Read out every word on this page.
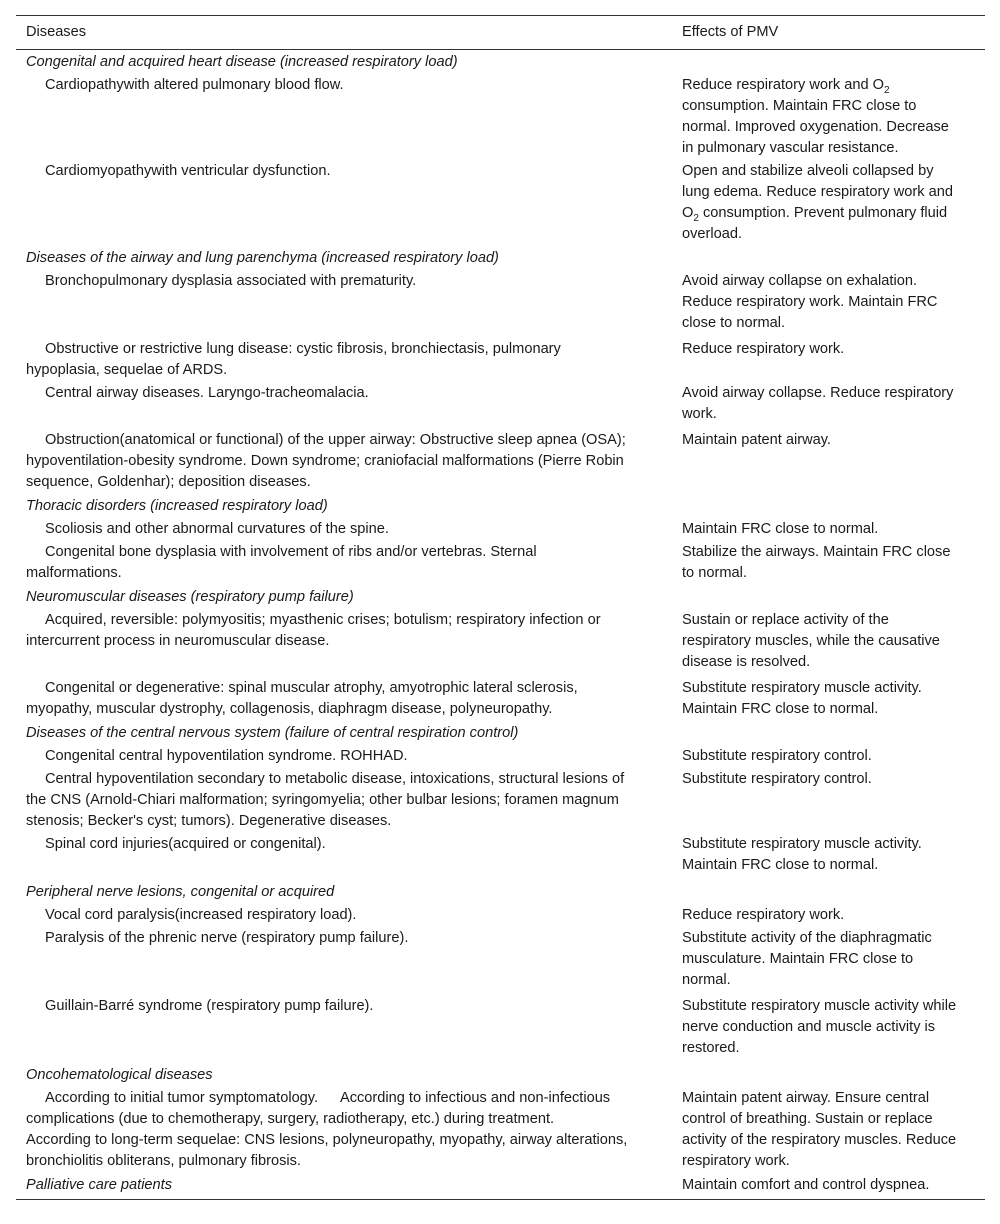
Diseases	Effects of PMV
Congenital and acquired heart disease (increased respiratory load)	
Cardiopathywith altered pulmonary blood flow.	Reduce respiratory work and $O_2$ consumption. Maintain FRC close to normal. Improved oxygenation. Decrease in pulmonary vascular resistance.
Cardiomyopathywith ventricular dysfunction.	Open and stabilize alveoli collapsed by lung edema. Reduce respiratory work and $O_2$ consumption. Prevent pulmonary fluid overload.
Diseases of the airway and lung parenchyma (increased respiratory load)	
Bronchopulmonary dysplasia associated with prematurity.	Avoid airway collapse on exhalation. Reduce respiratory work. Maintain FRC close to normal.
Obstructive or restrictive lung disease: cystic fibrosis, bronchiectasis, pulmonary hypoplasia, sequelae of ARDS.	Reduce respiratory work.
Central airway diseases. Laryngo-tracheomalacia.	Avoid airway collapse. Reduce respiratory work.
Obstruction(anatomical or functional) of the upper airway: Obstructive sleep apnea (OSA); hypoventilation-obesity syndrome. Down syndrome; craniofacial malformations (Pierre Robin sequence, Goldenhar); deposition diseases.	Maintain patent airway.
Thoracic disorders (increased respiratory load)	
Scoliosis and other abnormal curvatures of the spine.	Maintain FRC close to normal.
Congenital bone dysplasia with involvement of ribs and/or vertebras. Sternal malformations.	Stabilize the airways. Maintain FRC close to normal.
Neuromuscular diseases (respiratory pump failure)	
Acquired, reversible: polymyositis; myasthenic crises; botulism; respiratory infection or intercurrent process in neuromuscular disease.	Sustain or replace activity of the respiratory muscles, while the causative disease is resolved.
Congenital or degenerative: spinal muscular atrophy, amyotrophic lateral sclerosis, myopathy, muscular dystrophy, collagenosis, diaphragm disease, polyneuropathy.	Substitute respiratory muscle activity. Maintain FRC close to normal.
Diseases of the central nervous system (failure of central respiration control)	
Congenital central hypoventilation syndrome. ROHHAD.	Substitute respiratory control.
Central hypoventilation secondary to metabolic disease, intoxications, structural lesions of the CNS (Arnold-Chiari malformation; syringomyelia; other bulbar lesions; foramen magnum stenosis; Becker's cyst; tumors). Degenerative diseases.	Substitute respiratory control.
Spinal cord injuries(acquired or congenital).	Substitute respiratory muscle activity. Maintain FRC close to normal.
Peripheral nerve lesions, congenital or acquired	
Vocal cord paralysis(increased respiratory load).	Reduce respiratory work.
Paralysis of the phrenic nerve (respiratory pump failure).	Substitute activity of the diaphragmatic musculature. Maintain FRC close to normal.
Guillain-Barré syndrome (respiratory pump failure).	Substitute respiratory muscle activity while nerve conduction and muscle activity is restored.
Oncohematological diseases	
According to initial tumor symptomatology.  According to infectious and non-infectious complications (due to chemotherapy, surgery, radiotherapy, etc.) during treatment.  According to long-term sequelae: CNS lesions, polyneuropathy, myopathy, airway alterations, bronchiolitis obliterans, pulmonary fibrosis.	Maintain patent airway. Ensure central control of breathing. Sustain or replace activity of the respiratory muscles. Reduce respiratory work.
Palliative care patients	Maintain comfort and control dyspnea.
